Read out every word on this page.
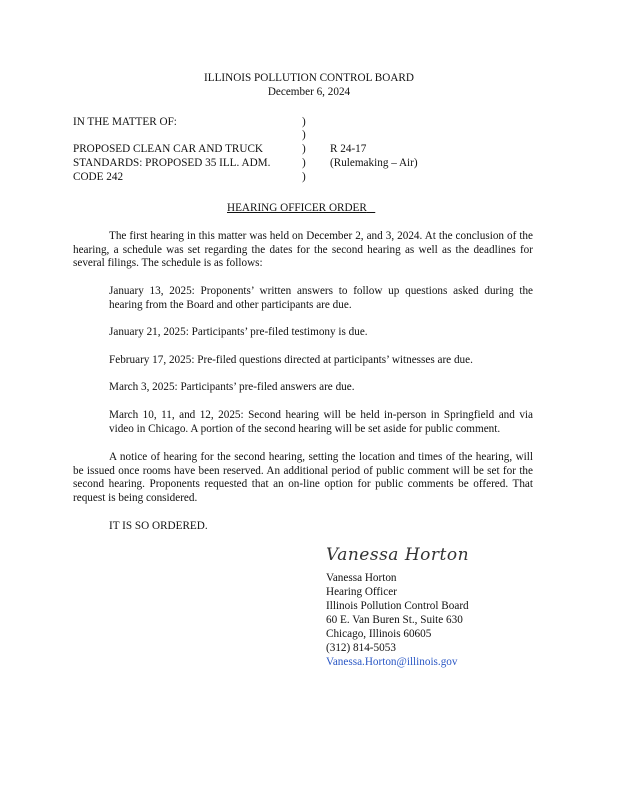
ILLINOIS POLLUTION CONTROL BOARD
December 6, 2024
IN THE MATTER OF:
PROPOSED CLEAN CAR AND TRUCK
STANDARDS: PROPOSED 35 ILL. ADM.
CODE 242
)
)
)
)
)
R 24-17
(Rulemaking – Air)
HEARING OFFICER ORDER
The first hearing in this matter was held on December 2, and 3, 2024. At the conclusion of the hearing, a schedule was set regarding the dates for the second hearing as well as the deadlines for several filings. The schedule is as follows:
January 13, 2025: Proponents’ written answers to follow up questions asked during the hearing from the Board and other participants are due.
January 21, 2025: Participants’ pre-filed testimony is due.
February 17, 2025: Pre-filed questions directed at participants’ witnesses are due.
March 3, 2025: Participants’ pre-filed answers are due.
March 10, 11, and 12, 2025: Second hearing will be held in-person in Springfield and via video in Chicago. A portion of the second hearing will be set aside for public comment.
A notice of hearing for the second hearing, setting the location and times of the hearing, will be issued once rooms have been reserved. An additional period of public comment will be set for the second hearing. Proponents requested that an on-line option for public comments be offered. That request is being considered.
IT IS SO ORDERED.
Vanessa Horton
Vanessa Horton
Hearing Officer
Illinois Pollution Control Board
60 E. Van Buren St., Suite 630
Chicago, Illinois 60605
(312) 814-5053
Vanessa.Horton@illinois.gov
